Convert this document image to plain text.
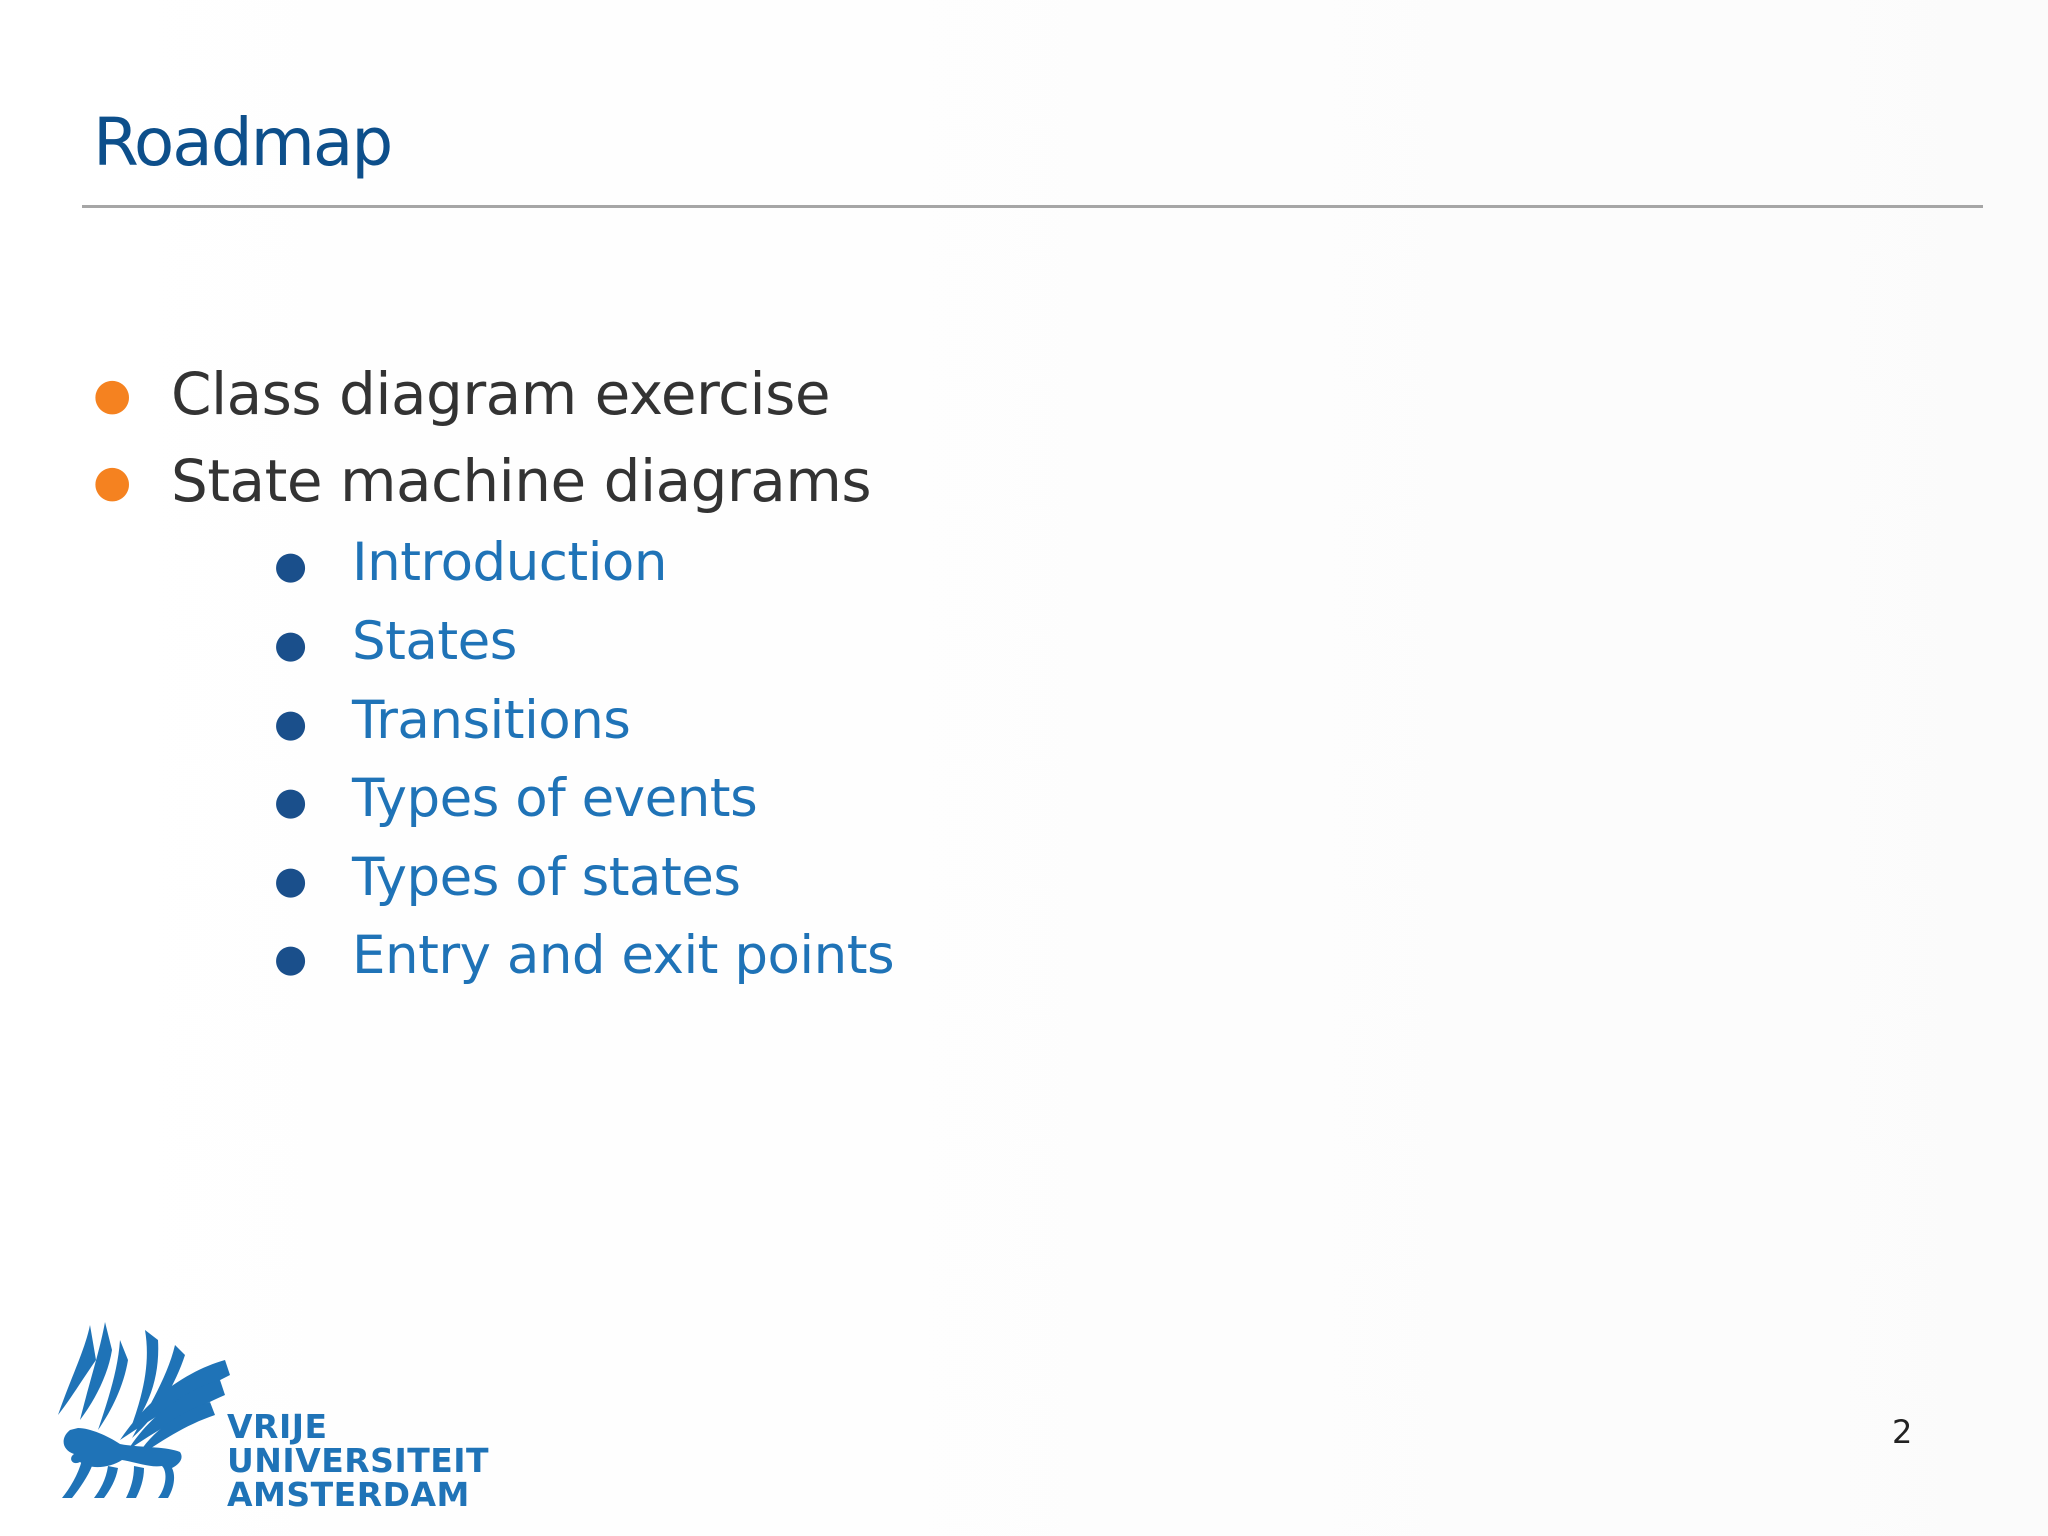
Roadmap
● Class diagram exercise
● State machine diagrams
● Introduction
● States
● Transitions
● Types of events
● Types of states
● Entry and exit points
VRIJE
UNIVERSITEIT
AMSTERDAM
2
